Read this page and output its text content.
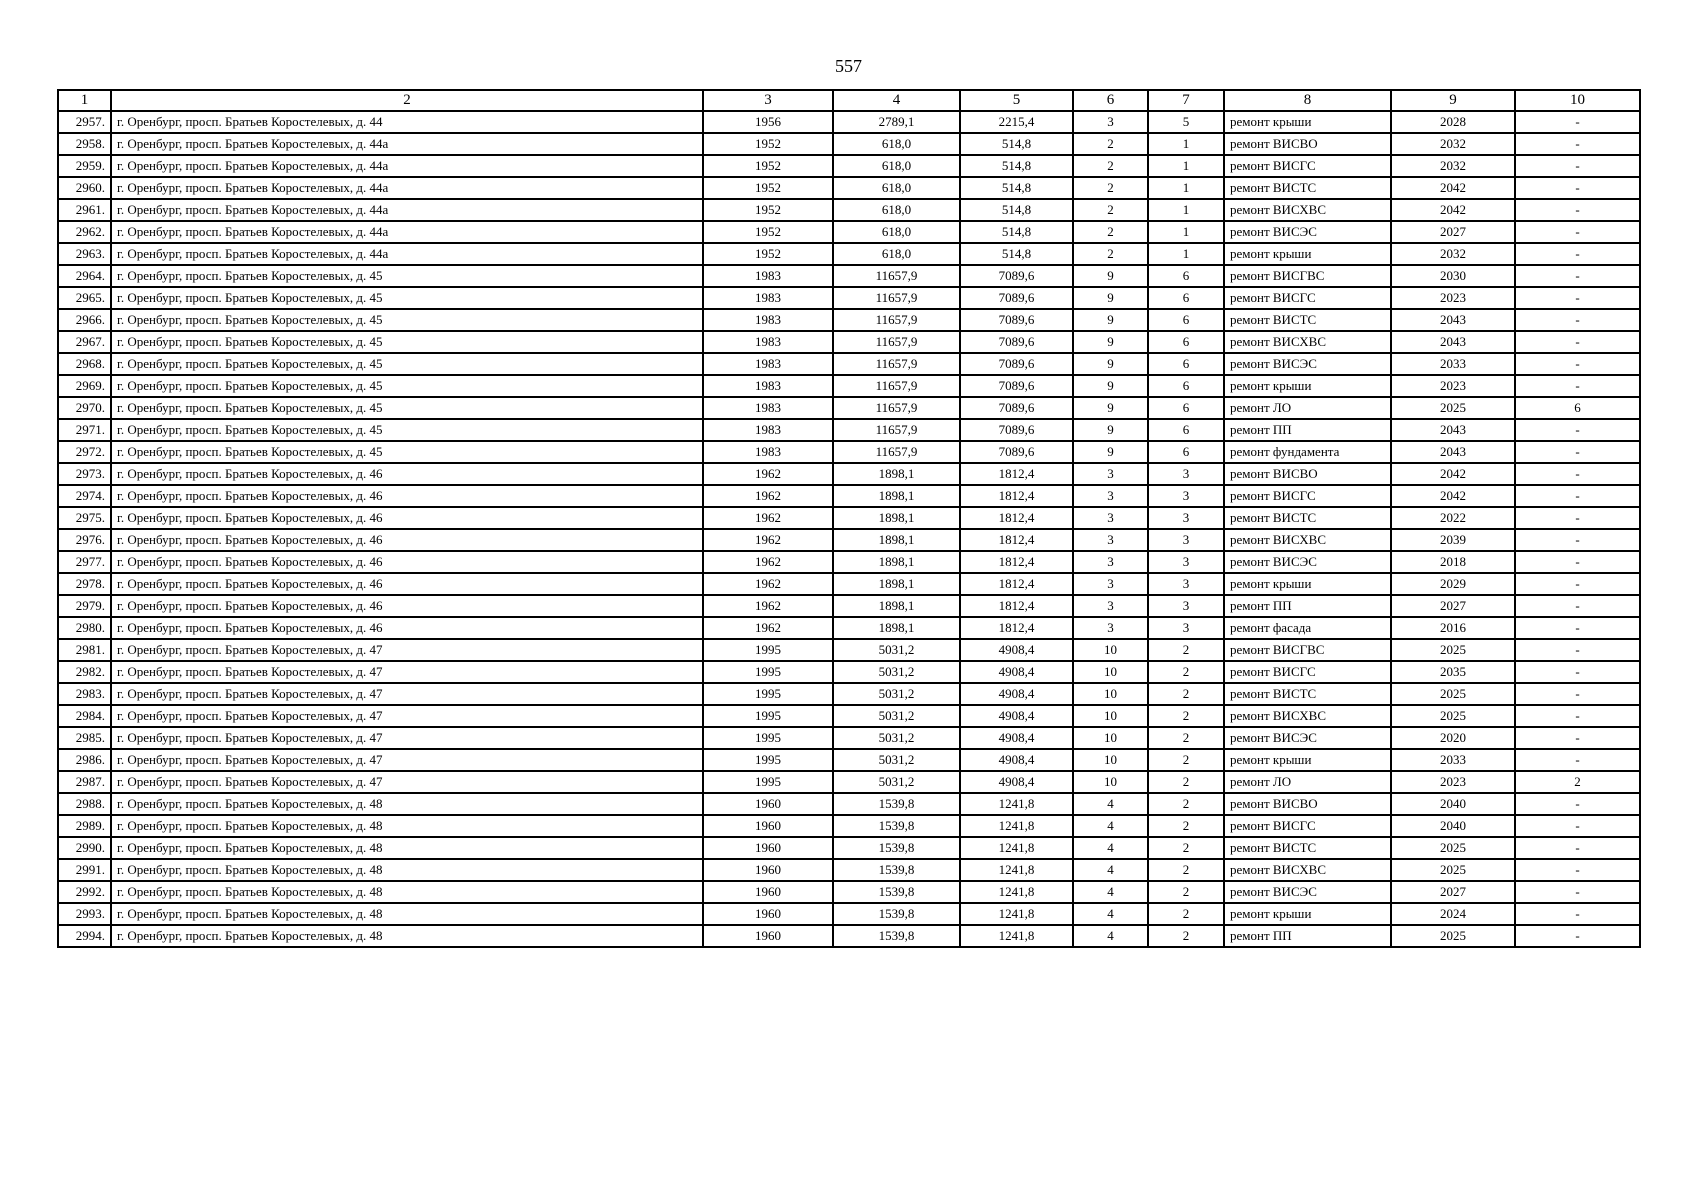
557
1	2	3	4	5	6	7	8	9	10
2957.	г. Оренбург, просп. Братьев Коростелевых, д. 44	1956	2789,1	2215,4	3	5	ремонт крыши	2028	-
2958.	г. Оренбург, просп. Братьев Коростелевых, д. 44а	1952	618,0	514,8	2	1	ремонт ВИСВО	2032	-
2959.	г. Оренбург, просп. Братьев Коростелевых, д. 44а	1952	618,0	514,8	2	1	ремонт ВИСГС	2032	-
2960.	г. Оренбург, просп. Братьев Коростелевых, д. 44а	1952	618,0	514,8	2	1	ремонт ВИСТС	2042	-
2961.	г. Оренбург, просп. Братьев Коростелевых, д. 44а	1952	618,0	514,8	2	1	ремонт ВИСХВС	2042	-
2962.	г. Оренбург, просп. Братьев Коростелевых, д. 44а	1952	618,0	514,8	2	1	ремонт ВИСЭС	2027	-
2963.	г. Оренбург, просп. Братьев Коростелевых, д. 44а	1952	618,0	514,8	2	1	ремонт крыши	2032	-
2964.	г. Оренбург, просп. Братьев Коростелевых, д. 45	1983	11657,9	7089,6	9	6	ремонт ВИСГВС	2030	-
2965.	г. Оренбург, просп. Братьев Коростелевых, д. 45	1983	11657,9	7089,6	9	6	ремонт ВИСГС	2023	-
2966.	г. Оренбург, просп. Братьев Коростелевых, д. 45	1983	11657,9	7089,6	9	6	ремонт ВИСТС	2043	-
2967.	г. Оренбург, просп. Братьев Коростелевых, д. 45	1983	11657,9	7089,6	9	6	ремонт ВИСХВС	2043	-
2968.	г. Оренбург, просп. Братьев Коростелевых, д. 45	1983	11657,9	7089,6	9	6	ремонт ВИСЭС	2033	-
2969.	г. Оренбург, просп. Братьев Коростелевых, д. 45	1983	11657,9	7089,6	9	6	ремонт крыши	2023	-
2970.	г. Оренбург, просп. Братьев Коростелевых, д. 45	1983	11657,9	7089,6	9	6	ремонт ЛО	2025	6
2971.	г. Оренбург, просп. Братьев Коростелевых, д. 45	1983	11657,9	7089,6	9	6	ремонт ПП	2043	-
2972.	г. Оренбург, просп. Братьев Коростелевых, д. 45	1983	11657,9	7089,6	9	6	ремонт фундамента	2043	-
2973.	г. Оренбург, просп. Братьев Коростелевых, д. 46	1962	1898,1	1812,4	3	3	ремонт ВИСВО	2042	-
2974.	г. Оренбург, просп. Братьев Коростелевых, д. 46	1962	1898,1	1812,4	3	3	ремонт ВИСГС	2042	-
2975.	г. Оренбург, просп. Братьев Коростелевых, д. 46	1962	1898,1	1812,4	3	3	ремонт ВИСТС	2022	-
2976.	г. Оренбург, просп. Братьев Коростелевых, д. 46	1962	1898,1	1812,4	3	3	ремонт ВИСХВС	2039	-
2977.	г. Оренбург, просп. Братьев Коростелевых, д. 46	1962	1898,1	1812,4	3	3	ремонт ВИСЭС	2018	-
2978.	г. Оренбург, просп. Братьев Коростелевых, д. 46	1962	1898,1	1812,4	3	3	ремонт крыши	2029	-
2979.	г. Оренбург, просп. Братьев Коростелевых, д. 46	1962	1898,1	1812,4	3	3	ремонт ПП	2027	-
2980.	г. Оренбург, просп. Братьев Коростелевых, д. 46	1962	1898,1	1812,4	3	3	ремонт фасада	2016	-
2981.	г. Оренбург, просп. Братьев Коростелевых, д. 47	1995	5031,2	4908,4	10	2	ремонт ВИСГВС	2025	-
2982.	г. Оренбург, просп. Братьев Коростелевых, д. 47	1995	5031,2	4908,4	10	2	ремонт ВИСГС	2035	-
2983.	г. Оренбург, просп. Братьев Коростелевых, д. 47	1995	5031,2	4908,4	10	2	ремонт ВИСТС	2025	-
2984.	г. Оренбург, просп. Братьев Коростелевых, д. 47	1995	5031,2	4908,4	10	2	ремонт ВИСХВС	2025	-
2985.	г. Оренбург, просп. Братьев Коростелевых, д. 47	1995	5031,2	4908,4	10	2	ремонт ВИСЭС	2020	-
2986.	г. Оренбург, просп. Братьев Коростелевых, д. 47	1995	5031,2	4908,4	10	2	ремонт крыши	2033	-
2987.	г. Оренбург, просп. Братьев Коростелевых, д. 47	1995	5031,2	4908,4	10	2	ремонт ЛО	2023	2
2988.	г. Оренбург, просп. Братьев Коростелевых, д. 48	1960	1539,8	1241,8	4	2	ремонт ВИСВО	2040	-
2989.	г. Оренбург, просп. Братьев Коростелевых, д. 48	1960	1539,8	1241,8	4	2	ремонт ВИСГС	2040	-
2990.	г. Оренбург, просп. Братьев Коростелевых, д. 48	1960	1539,8	1241,8	4	2	ремонт ВИСТС	2025	-
2991.	г. Оренбург, просп. Братьев Коростелевых, д. 48	1960	1539,8	1241,8	4	2	ремонт ВИСХВС	2025	-
2992.	г. Оренбург, просп. Братьев Коростелевых, д. 48	1960	1539,8	1241,8	4	2	ремонт ВИСЭС	2027	-
2993.	г. Оренбург, просп. Братьев Коростелевых, д. 48	1960	1539,8	1241,8	4	2	ремонт крыши	2024	-
2994.	г. Оренбург, просп. Братьев Коростелевых, д. 48	1960	1539,8	1241,8	4	2	ремонт ПП	2025	-
